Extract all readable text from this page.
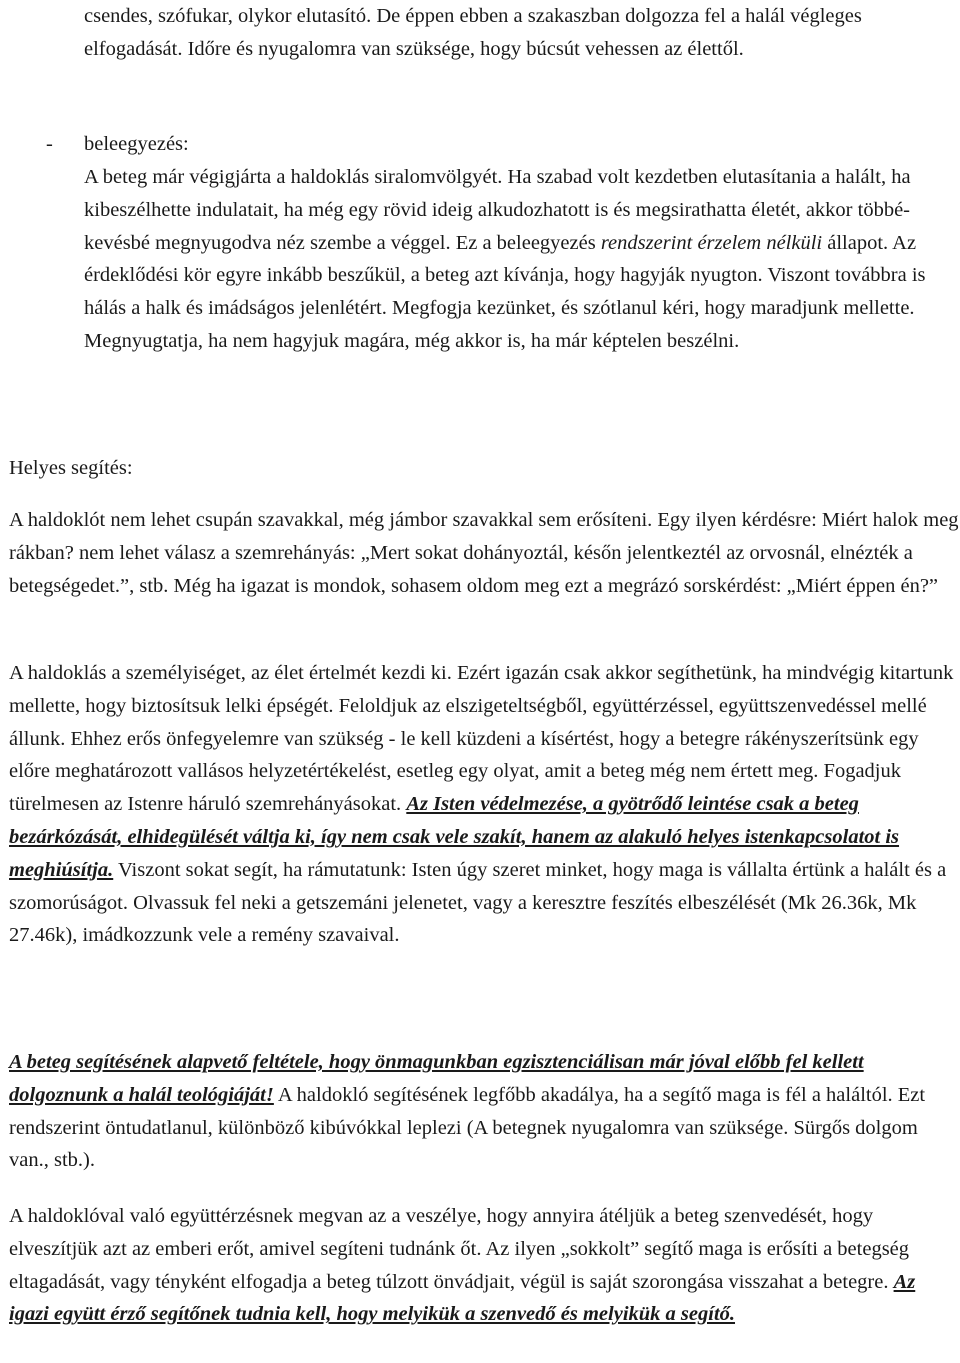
csendes, szófukar, olykor elutasító. De éppen ebben a szakaszban dolgozza fel a halál végleges elfogadását. Időre és nyugalomra van szüksége, hogy búcsút vehessen az élettől.
- beleegyezés:
A beteg már végigjárta a haldoklás siralomvölgyét. Ha szabad volt kezdetben elutasítania a halált, ha kibeszélhette indulatait, ha még egy rövid ideig alkudozhatott is és megsirathatta életét, akkor többé- kevésbé megnyugodva néz szembe a véggel. Ez a beleegyezés rendszerint érzelem nélküli állapot. Az érdeklődési kör egyre inkább beszűkül, a beteg azt kívánja, hogy hagyják nyugton. Viszont továbbra is hálás a halk és imádságos jelenlétért. Megfogja kezünket, és szótlanul kéri, hogy maradjunk mellette. Megnyugtatja, ha nem hagyjuk magára, még akkor is, ha már képtelen beszélni.
Helyes segítés:
A haldoklót nem lehet csupán szavakkal, még jámbor szavakkal sem erősíteni. Egy ilyen kérdésre: Miért halok meg rákban? nem lehet válasz a szemrehányás: „Mert sokat dohányoztál, későn jelentkeztél az orvosnál, elnézték a betegségedet.”, stb. Még ha igazat is mondok, sohasem oldom meg ezt a megrázó sorskérdést: „Miért éppen én?”
A haldoklás a személyiséget, az élet értelmét kezdi ki. Ezért igazán csak akkor segíthetünk, ha mindvégig kitartunk mellette, hogy biztosítsuk lelki épségét. Feloldjuk az elszigeteltségből, együttérzéssel, együttszenvedéssel mellé állunk. Ehhez erős önfegyelemre van szükség - le kell küzdeni a kísértést, hogy a betegre rákényszerítsünk egy előre meghatározott vallásos helyzetértékelést, esetleg egy olyat, amit a beteg még nem értett meg. Fogadjuk türelmesen az Istenre háruló szemrehányásokat. Az Isten védelmezése, a gyötrődő leintése csak a beteg bezárkózását, elhidegülését váltja ki, így nem csak vele szakít, hanem az alakuló helyes istenkapcsolatot is meghiúsítja. Viszont sokat segít, ha rámutatunk: Isten úgy szeret minket, hogy maga is vállalta értünk a halált és a szomorúságot. Olvassuk fel neki a getszemáni jelenetet, vagy a keresztre feszítés elbeszélését (Mk 26.36k, Mk 27.46k), imádkozzunk vele a remény szavaival.
A beteg segítésének alapvető feltétele, hogy önmagunkban egzisztenciálisan már jóval előbb fel kellett dolgoznunk a halál teológiáját! A haldokló segítésének legfőbb akadálya, ha a segítő maga is fél a haláltól. Ezt rendszerint öntudatlanul, különböző kibúvókkal leplezi (A betegnek nyugalomra van szüksége. Sürgős dolgom van., stb.).
A haldoklóval való együttérzésnek megvan az a veszélye, hogy annyira átéljük a beteg szenvedését, hogy elveszítjük azt az emberi erőt, amivel segíteni tudnánk őt. Az ilyen „sokkolt” segítő maga is erősíti a betegség eltagadását, vagy tényként elfogadja a beteg túlzott önvádjait, végül is saját szorongása visszahat a betegre. Az igazi együtt érző segítőnek tudnia kell, hogy melyikük a szenvedő és melyikük a segítő.
